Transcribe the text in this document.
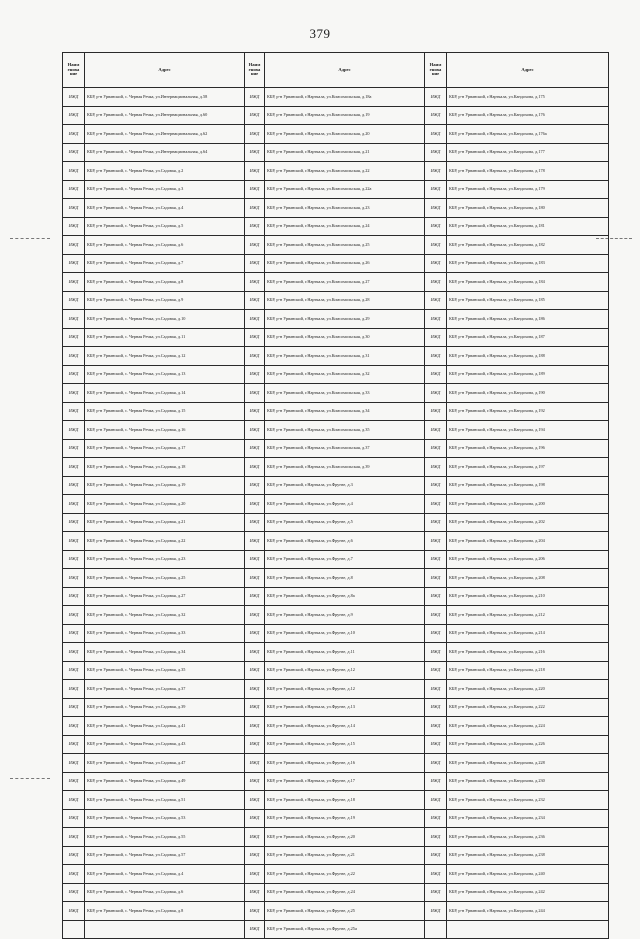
379
Наим
енова
ние	Адрес	Наим
енова
ние	Адрес	Наим
енова
ние	Адрес
ИЖД	КБР, р-н Урванский, с. Черная Речка, ул.Интернациональная, д.58	ИЖД	КБР, р-н Урванский, г.Нарткала, ул.Комсомольская, д.18а	ИЖД	КБР, р-н Урванский, г.Нарткала, ул.Кандохова, д.175
ИЖД	КБР, р-н Урванский, с. Черная Речка, ул.Интернациональная, д.60	ИЖД	КБР, р-н Урванский, г.Нарткала, ул.Комсомольская, д.19	ИЖД	КБР, р-н Урванский, г.Нарткала, ул.Кандохова, д.176
ИЖД	КБР, р-н Урванский, с. Черная Речка, ул.Интернациональная, д.62	ИЖД	КБР, р-н Урванский, г.Нарткала, ул.Комсомольская, д.20	ИЖД	КБР, р-н Урванский, г.Нарткала, ул.Кандохова, д.176а
ИЖД	КБР, р-н Урванский, с. Черная Речка, ул.Интернациональная, д.64	ИЖД	КБР, р-н Урванский, г.Нарткала, ул.Комсомольская, д.21	ИЖД	КБР, р-н Урванский, г.Нарткала, ул.Кандохова, д.177
ИЖД	КБР, р-н Урванский, с. Черная Речка, ул.Садовая, д.2	ИЖД	КБР, р-н Урванский, г.Нарткала, ул.Комсомольская, д.22	ИЖД	КБР, р-н Урванский, г.Нарткала, ул.Кандохова, д.178
ИЖД	КБР, р-н Урванский, с. Черная Речка, ул.Садовая, д.3	ИЖД	КБР, р-н Урванский, г.Нарткала, ул.Комсомольская, д.22а	ИЖД	КБР, р-н Урванский, г.Нарткала, ул.Кандохова, д.179
ИЖД	КБР, р-н Урванский, с. Черная Речка, ул.Садовая, д.4	ИЖД	КБР, р-н Урванский, г.Нарткала, ул.Комсомольская, д.23	ИЖД	КБР, р-н Урванский, г.Нарткала, ул.Кандохова, д.180
ИЖД	КБР, р-н Урванский, с. Черная Речка, ул.Садовая, д.5	ИЖД	КБР, р-н Урванский, г.Нарткала, ул.Комсомольская, д.24	ИЖД	КБР, р-н Урванский, г.Нарткала, ул.Кандохова, д.181
ИЖД	КБР, р-н Урванский, с. Черная Речка, ул.Садовая, д.6	ИЖД	КБР, р-н Урванский, г.Нарткала, ул.Комсомольская, д.25	ИЖД	КБР, р-н Урванский, г.Нарткала, ул.Кандохова, д.182
ИЖД	КБР, р-н Урванский, с. Черная Речка, ул.Садовая, д.7	ИЖД	КБР, р-н Урванский, г.Нарткала, ул.Комсомольская, д.26	ИЖД	КБР, р-н Урванский, г.Нарткала, ул.Кандохова, д.183
ИЖД	КБР, р-н Урванский, с. Черная Речка, ул.Садовая, д.8	ИЖД	КБР, р-н Урванский, г.Нарткала, ул.Комсомольская, д.27	ИЖД	КБР, р-н Урванский, г.Нарткала, ул.Кандохова, д.184
ИЖД	КБР, р-н Урванский, с. Черная Речка, ул.Садовая, д.9	ИЖД	КБР, р-н Урванский, г.Нарткала, ул.Комсомольская, д.28	ИЖД	КБР, р-н Урванский, г.Нарткала, ул.Кандохова, д.185
ИЖД	КБР, р-н Урванский, с. Черная Речка, ул.Садовая, д.10	ИЖД	КБР, р-н Урванский, г.Нарткала, ул.Комсомольская, д.29	ИЖД	КБР, р-н Урванский, г.Нарткала, ул.Кандохова, д.186
ИЖД	КБР, р-н Урванский, с. Черная Речка, ул.Садовая, д.11	ИЖД	КБР, р-н Урванский, г.Нарткала, ул.Комсомольская, д.30	ИЖД	КБР, р-н Урванский, г.Нарткала, ул.Кандохова, д.187
ИЖД	КБР, р-н Урванский, с. Черная Речка, ул.Садовая, д.12	ИЖД	КБР, р-н Урванский, г.Нарткала, ул.Комсомольская, д.31	ИЖД	КБР, р-н Урванский, г.Нарткала, ул.Кандохова, д.188
ИЖД	КБР, р-н Урванский, с. Черная Речка, ул.Садовая, д.13	ИЖД	КБР, р-н Урванский, г.Нарткала, ул.Комсомольская, д.32	ИЖД	КБР, р-н Урванский, г.Нарткала, ул.Кандохова, д.189
ИЖД	КБР, р-н Урванский, с. Черная Речка, ул.Садовая, д.14	ИЖД	КБР, р-н Урванский, г.Нарткала, ул.Комсомольская, д.33	ИЖД	КБР, р-н Урванский, г.Нарткала, ул.Кандохова, д.190
ИЖД	КБР, р-н Урванский, с. Черная Речка, ул.Садовая, д.15	ИЖД	КБР, р-н Урванский, г.Нарткала, ул.Комсомольская, д.34	ИЖД	КБР, р-н Урванский, г.Нарткала, ул.Кандохова, д.192
ИЖД	КБР, р-н Урванский, с. Черная Речка, ул.Садовая, д.16	ИЖД	КБР, р-н Урванский, г.Нарткала, ул.Комсомольская, д.35	ИЖД	КБР, р-н Урванский, г.Нарткала, ул.Кандохова, д.194
ИЖД	КБР, р-н Урванский, с. Черная Речка, ул.Садовая, д.17	ИЖД	КБР, р-н Урванский, г.Нарткала, ул.Комсомольская, д.37	ИЖД	КБР, р-н Урванский, г.Нарткала, ул.Кандохова, д.196
ИЖД	КБР, р-н Урванский, с. Черная Речка, ул.Садовая, д.18	ИЖД	КБР, р-н Урванский, г.Нарткала, ул.Комсомольская, д.39	ИЖД	КБР, р-н Урванский, г.Нарткала, ул.Кандохова, д.197
ИЖД	КБР, р-н Урванский, с. Черная Речка, ул.Садовая, д.19	ИЖД	КБР, р-н Урванский, г.Нарткала, ул.Фрунзе, д.3	ИЖД	КБР, р-н Урванский, г.Нарткала, ул.Кандохова, д.198
ИЖД	КБР, р-н Урванский, с. Черная Речка, ул.Садовая, д.20	ИЖД	КБР, р-н Урванский, г.Нарткала, ул.Фрунзе, д.4	ИЖД	КБР, р-н Урванский, г.Нарткала, ул.Кандохова, д.200
ИЖД	КБР, р-н Урванский, с. Черная Речка, ул.Садовая, д.21	ИЖД	КБР, р-н Урванский, г.Нарткала, ул.Фрунзе, д.5	ИЖД	КБР, р-н Урванский, г.Нарткала, ул.Кандохова, д.202
ИЖД	КБР, р-н Урванский, с. Черная Речка, ул.Садовая, д.22	ИЖД	КБР, р-н Урванский, г.Нарткала, ул.Фрунзе, д.6	ИЖД	КБР, р-н Урванский, г.Нарткала, ул.Кандохова, д.204
ИЖД	КБР, р-н Урванский, с. Черная Речка, ул.Садовая, д.23	ИЖД	КБР, р-н Урванский, г.Нарткала, ул.Фрунзе, д.7	ИЖД	КБР, р-н Урванский, г.Нарткала, ул.Кандохова, д.206
ИЖД	КБР, р-н Урванский, с. Черная Речка, ул.Садовая, д.25	ИЖД	КБР, р-н Урванский, г.Нарткала, ул.Фрунзе, д.8	ИЖД	КБР, р-н Урванский, г.Нарткала, ул.Кандохова, д.208
ИЖД	КБР, р-н Урванский, с. Черная Речка, ул.Садовая, д.27	ИЖД	КБР, р-н Урванский, г.Нарткала, ул.Фрунзе, д.8а	ИЖД	КБР, р-н Урванский, г.Нарткала, ул.Кандохова, д.210
ИЖД	КБР, р-н Урванский, с. Черная Речка, ул.Садовая, д.32	ИЖД	КБР, р-н Урванский, г.Нарткала, ул.Фрунзе, д.9	ИЖД	КБР, р-н Урванский, г.Нарткала, ул.Кандохова, д.212
ИЖД	КБР, р-н Урванский, с. Черная Речка, ул.Садовая, д.33	ИЖД	КБР, р-н Урванский, г.Нарткала, ул.Фрунзе, д.10	ИЖД	КБР, р-н Урванский, г.Нарткала, ул.Кандохова, д.214
ИЖД	КБР, р-н Урванский, с. Черная Речка, ул.Садовая, д.34	ИЖД	КБР, р-н Урванский, г.Нарткала, ул.Фрунзе, д.11	ИЖД	КБР, р-н Урванский, г.Нарткала, ул.Кандохова, д.216
ИЖД	КБР, р-н Урванский, с. Черная Речка, ул.Садовая, д.35	ИЖД	КБР, р-н Урванский, г.Нарткала, ул.Фрунзе, д.12	ИЖД	КБР, р-н Урванский, г.Нарткала, ул.Кандохова, д.218
ИЖД	КБР, р-н Урванский, с. Черная Речка, ул.Садовая, д.37	ИЖД	КБР, р-н Урванский, г.Нарткала, ул.Фрунзе, д.12	ИЖД	КБР, р-н Урванский, г.Нарткала, ул.Кандохова, д.220
ИЖД	КБР, р-н Урванский, с. Черная Речка, ул.Садовая, д.39	ИЖД	КБР, р-н Урванский, г.Нарткала, ул.Фрунзе, д.13	ИЖД	КБР, р-н Урванский, г.Нарткала, ул.Кандохова, д.222
ИЖД	КБР, р-н Урванский, с. Черная Речка, ул.Садовая, д.41	ИЖД	КБР, р-н Урванский, г.Нарткала, ул.Фрунзе, д.14	ИЖД	КБР, р-н Урванский, г.Нарткала, ул.Кандохова, д.224
ИЖД	КБР, р-н Урванский, с. Черная Речка, ул.Садовая, д.43	ИЖД	КБР, р-н Урванский, г.Нарткала, ул.Фрунзе, д.15	ИЖД	КБР, р-н Урванский, г.Нарткала, ул.Кандохова, д.226
ИЖД	КБР, р-н Урванский, с. Черная Речка, ул.Садовая, д.47	ИЖД	КБР, р-н Урванский, г.Нарткала, ул.Фрунзе, д.16	ИЖД	КБР, р-н Урванский, г.Нарткала, ул.Кандохова, д.228
ИЖД	КБР, р-н Урванский, с. Черная Речка, ул.Садовая, д.49	ИЖД	КБР, р-н Урванский, г.Нарткала, ул.Фрунзе, д.17	ИЖД	КБР, р-н Урванский, г.Нарткала, ул.Кандохова, д.230
ИЖД	КБР, р-н Урванский, с. Черная Речка, ул.Садовая, д.51	ИЖД	КБР, р-н Урванский, г.Нарткала, ул.Фрунзе, д.18	ИЖД	КБР, р-н Урванский, г.Нарткала, ул.Кандохова, д.232
ИЖД	КБР, р-н Урванский, с. Черная Речка, ул.Садовая, д.53	ИЖД	КБР, р-н Урванский, г.Нарткала, ул.Фрунзе, д.19	ИЖД	КБР, р-н Урванский, г.Нарткала, ул.Кандохова, д.234
ИЖД	КБР, р-н Урванский, с. Черная Речка, ул.Садовая, д.55	ИЖД	КБР, р-н Урванский, г.Нарткала, ул.Фрунзе, д.20	ИЖД	КБР, р-н Урванский, г.Нарткала, ул.Кандохова, д.236
ИЖД	КБР, р-н Урванский, с. Черная Речка, ул.Садовая, д.57	ИЖД	КБР, р-н Урванский, г.Нарткала, ул.Фрунзе, д.21	ИЖД	КБР, р-н Урванский, г.Нарткала, ул.Кандохова, д.238
ИЖД	КБР, р-н Урванский, с. Черная Речка, ул.Садовая, д.4	ИЖД	КБР, р-н Урванский, г.Нарткала, ул.Фрунзе, д.22	ИЖД	КБР, р-н Урванский, г.Нарткала, ул.Кандохова, д.240
ИЖД	КБР, р-н Урванский, с. Черная Речка, ул.Садовая, д.6	ИЖД	КБР, р-н Урванский, г.Нарткала, ул.Фрунзе, д.24	ИЖД	КБР, р-н Урванский, г.Нарткала, ул.Кандохова, д.242
ИЖД	КБР, р-н Урванский, с. Черная Речка, ул.Садовая, д.8	ИЖД	КБР, р-н Урванский, г.Нарткала, ул.Фрунзе, д.25	ИЖД	КБР, р-н Урванский, г.Нарткала, ул.Кандохова, д.244
		ИЖД	КБР, р-н Урванский, г.Нарткала, ул.Фрунзе, д.25а		
